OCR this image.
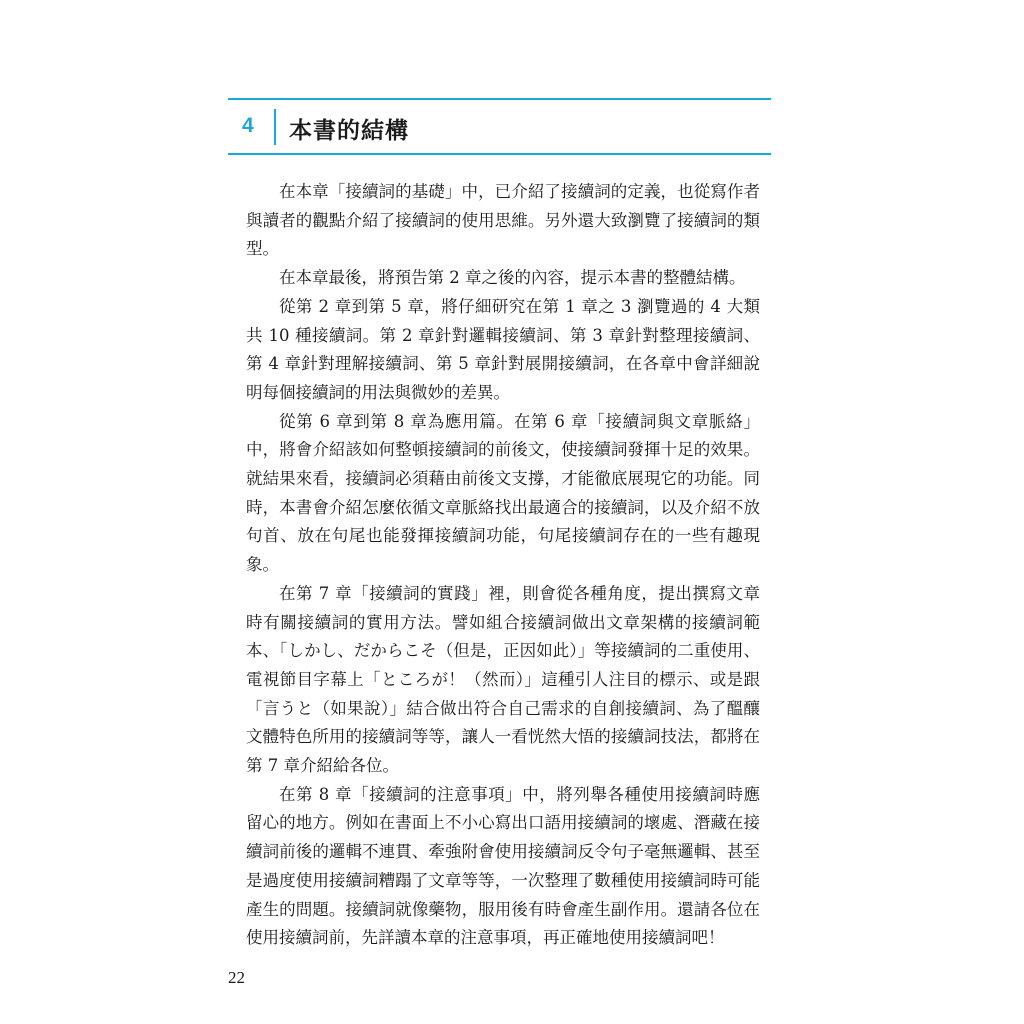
4 本書的結構

在本章「接續詞的基礎」中，已介紹了接續詞的定義，也從寫作者與讀者的觀點介紹了接續詞的使用思維。另外還大致瀏覽了接續詞的類型。

在本章最後，將預告第 2 章之後的內容，提示本書的整體結構。

從第 2 章到第 5 章，將仔細研究在第 1 章之 3 瀏覽過的 4 大類共 10 種接續詞。第 2 章針對邏輯接續詞、第 3 章針對整理接續詞、第 4 章針對理解接續詞、第 5 章針對展開接續詞，在各章中會詳細說明每個接續詞的用法與微妙的差異。

從第 6 章到第 8 章為應用篇。在第 6 章「接續詞與文章脈絡」中，將會介紹該如何整頓接續詞的前後文，使接續詞發揮十足的效果。就結果來看，接續詞必須藉由前後文支撐，才能徹底展現它的功能。同時，本書會介紹怎麼依循文章脈絡找出最適合的接續詞，以及介紹不放句首、放在句尾也能發揮接續詞功能，句尾接續詞存在的一些有趣現象。

在第 7 章「接續詞的實踐」裡，則會從各種角度，提出撰寫文章時有關接續詞的實用方法。譬如組合接續詞做出文章架構的接續詞範本、「しかし、だからこそ（但是，正因如此）」等接續詞的二重使用、電視節目字幕上「ところが！（然而）」這種引人注目的標示、或是跟「言うと（如果說）」結合做出符合自己需求的自創接續詞、為了醞釀文體特色所用的接續詞等等，讓人一看恍然大悟的接續詞技法，都將在第 7 章介紹給各位。

在第 8 章「接續詞的注意事項」中，將列舉各種使用接續詞時應留心的地方。例如在書面上不小心寫出口語用接續詞的壞處、潛藏在接續詞前後的邏輯不連貫、牽強附會使用接續詞反令句子毫無邏輯、甚至是過度使用接續詞糟蹋了文章等等，一次整理了數種使用接續詞時可能產生的問題。接續詞就像藥物，服用後有時會產生副作用。還請各位在使用接續詞前，先詳讀本章的注意事項，再正確地使用接續詞吧！

22
